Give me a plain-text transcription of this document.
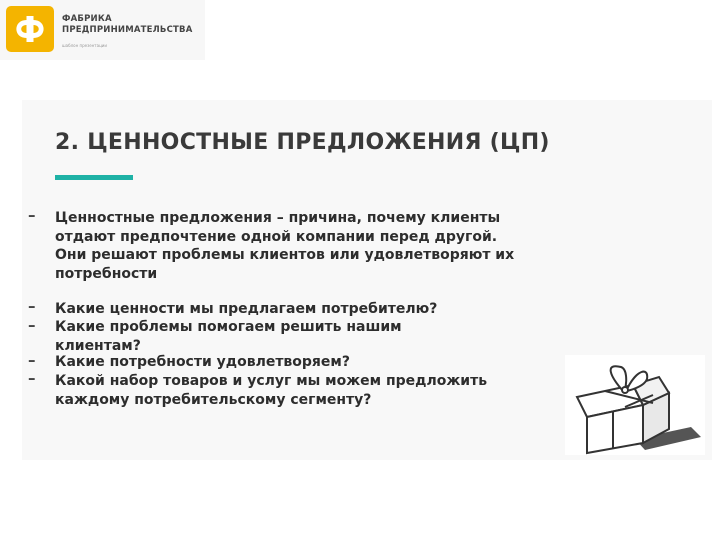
ФАБРИКА
ПРЕДПРИНИМАТЕЛЬСТВА
шаблон презентации
2. ЦЕННОСТНЫЕ ПРЕДЛОЖЕНИЯ (ЦП)
– Ценностные предложения – причина, почему клиенты отдают предпочтение одной компании перед другой. Они решают проблемы клиентов или удовлетворяют их потребности
– Какие ценности мы предлагаем потребителю?
– Какие проблемы помогаем решить нашим клиентам?
– Какие потребности удовлетворяем?
– Какой набор товаров и услуг мы можем предложить каждому потребительскому сегменту?
